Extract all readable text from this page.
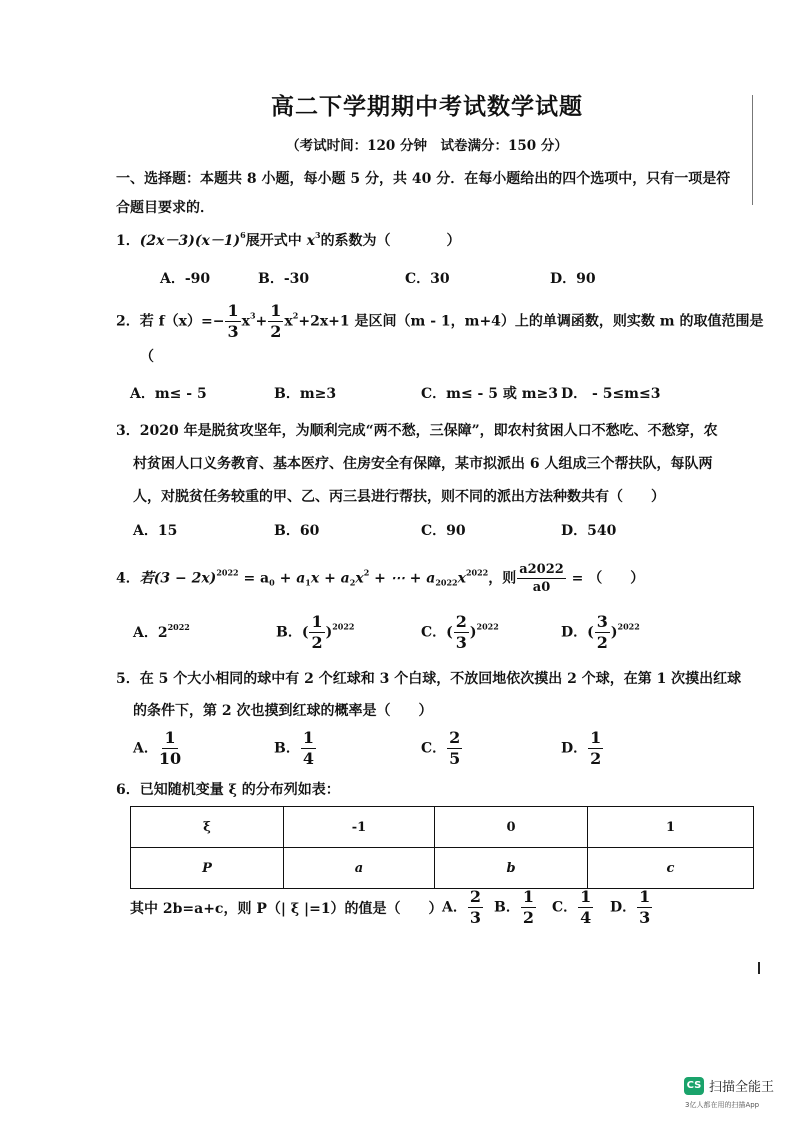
高二下学期期中考试数学试题
（考试时间：120 分钟　试卷满分：150 分）
一、选择题：本题共 8 小题，每小题 5 分，共 40 分．在每小题给出的四个选项中，只有一项是符
合题目要求的．
1．$(2x-3)(x-1)^6$展开式中 $x^3$的系数为（　　　　）
A．-90	B．-30	C．30	D．90
2．若 $f(x)=- \frac{1}{3} x^3+ \frac{1}{2} x^2+2x+1$ 是区间（m - 1，m+4）上的单调函数，则实数 m 的取值范围是
（
A．m≤ - 5	B．m≥3	C．m≤ - 5 或 m≥3 D． - 5≤m≤3
3．2020 年是脱贫攻坚年，为顺利完成“两不愁，三保障”，即农村贫困人口不愁吃、不愁穿，农
村贫困人口义务教育、基本医疗、住房安全有保障，某市拟派出 6 人组成三个帮扶队，每队两
人，对脱贫任务较重的甲、乙、丙三县进行帮扶，则不同的派出方法种数共有（　　）
A．15	B．60	C．90	D．540
4．若$(3 - 2x)^{2022} = a_0 + a_1x + a_2x^2$ + ⋯ + $a_{2022}x^{2022}$，则 $\frac{a2022}{a0}$ = （　　）
A．$2^{2022}$	B．( $\frac{1}{2} )^{2022}$	C．( $\frac{2}{3} )^{2022}$	D．( $\frac{3}{2} )^{2022}$
5．在 5 个大小相同的球中有 2 个红球和 3 个白球，不放回地依次摸出 2 个球，在第 1 次摸出红球
的条件下，第 2 次也摸到红球的概率是（　　）
A． $\frac{1}{10}$	B． $\frac{1}{4}$	C． $\frac{2}{5}$	D． $\frac{1}{2}$
6．已知随机变量 ξ 的分布列如表：
ξ	-1	0	1
P	a	b	c
其中 2b=a+c，则 P（| ξ |=1）的值是（　　） A． $\frac{2}{3}$ B． $\frac{1}{2}$ C． $\frac{1}{4}$ D． $\frac{1}{3}$
CS 扫描全能王
3亿人都在用的扫描App
